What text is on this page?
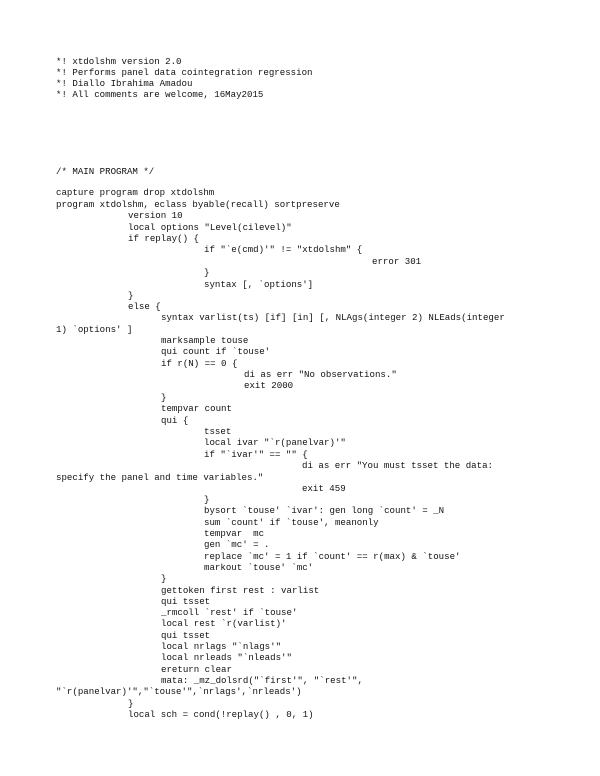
*! xtdolshm version 2.0
*! Performs panel data cointegration regression
*! Diallo Ibrahima Amadou
*! All comments are welcome, 16May2015
/* MAIN PROGRAM */
capture program drop xtdolshm
program xtdolshm, eclass byable(recall) sortpreserve
version 10
local options "Level(cilevel)"
if replay() {
if "`e(cmd)'" != "xtdolshm" {
error 301
}
syntax [, `options']
}
else {
syntax varlist(ts) [if] [in] [, NLAgs(integer 2) NLEads(integer
1) `options' ]
marksample touse
qui count if `touse'
if r(N) == 0 {
di as err "No observations."
exit 2000
}
tempvar count
qui {
tsset
local ivar "`r(panelvar)'"
if "`ivar'" == "" {
di as err "You must tsset the data:
specify the panel and time variables."
exit 459
}
bysort `touse' `ivar': gen long `count' = _N
sum `count' if `touse', meanonly
tempvar  mc
gen `mc' = .
replace `mc' = 1 if `count' == r(max) & `touse'
markout `touse' `mc'
}
gettoken first rest : varlist
qui tsset
_rmcoll `rest' if `touse'
local rest `r(varlist)'
qui tsset
local nrlags "`nlags'"
local nrleads "`nleads'"
ereturn clear
mata: _mz_dolsrd("`first'", "`rest'",
"`r(panelvar)'","`touse'",`nrlags',`nrleads')
}
local sch = cond(!replay() , 0, 1)
